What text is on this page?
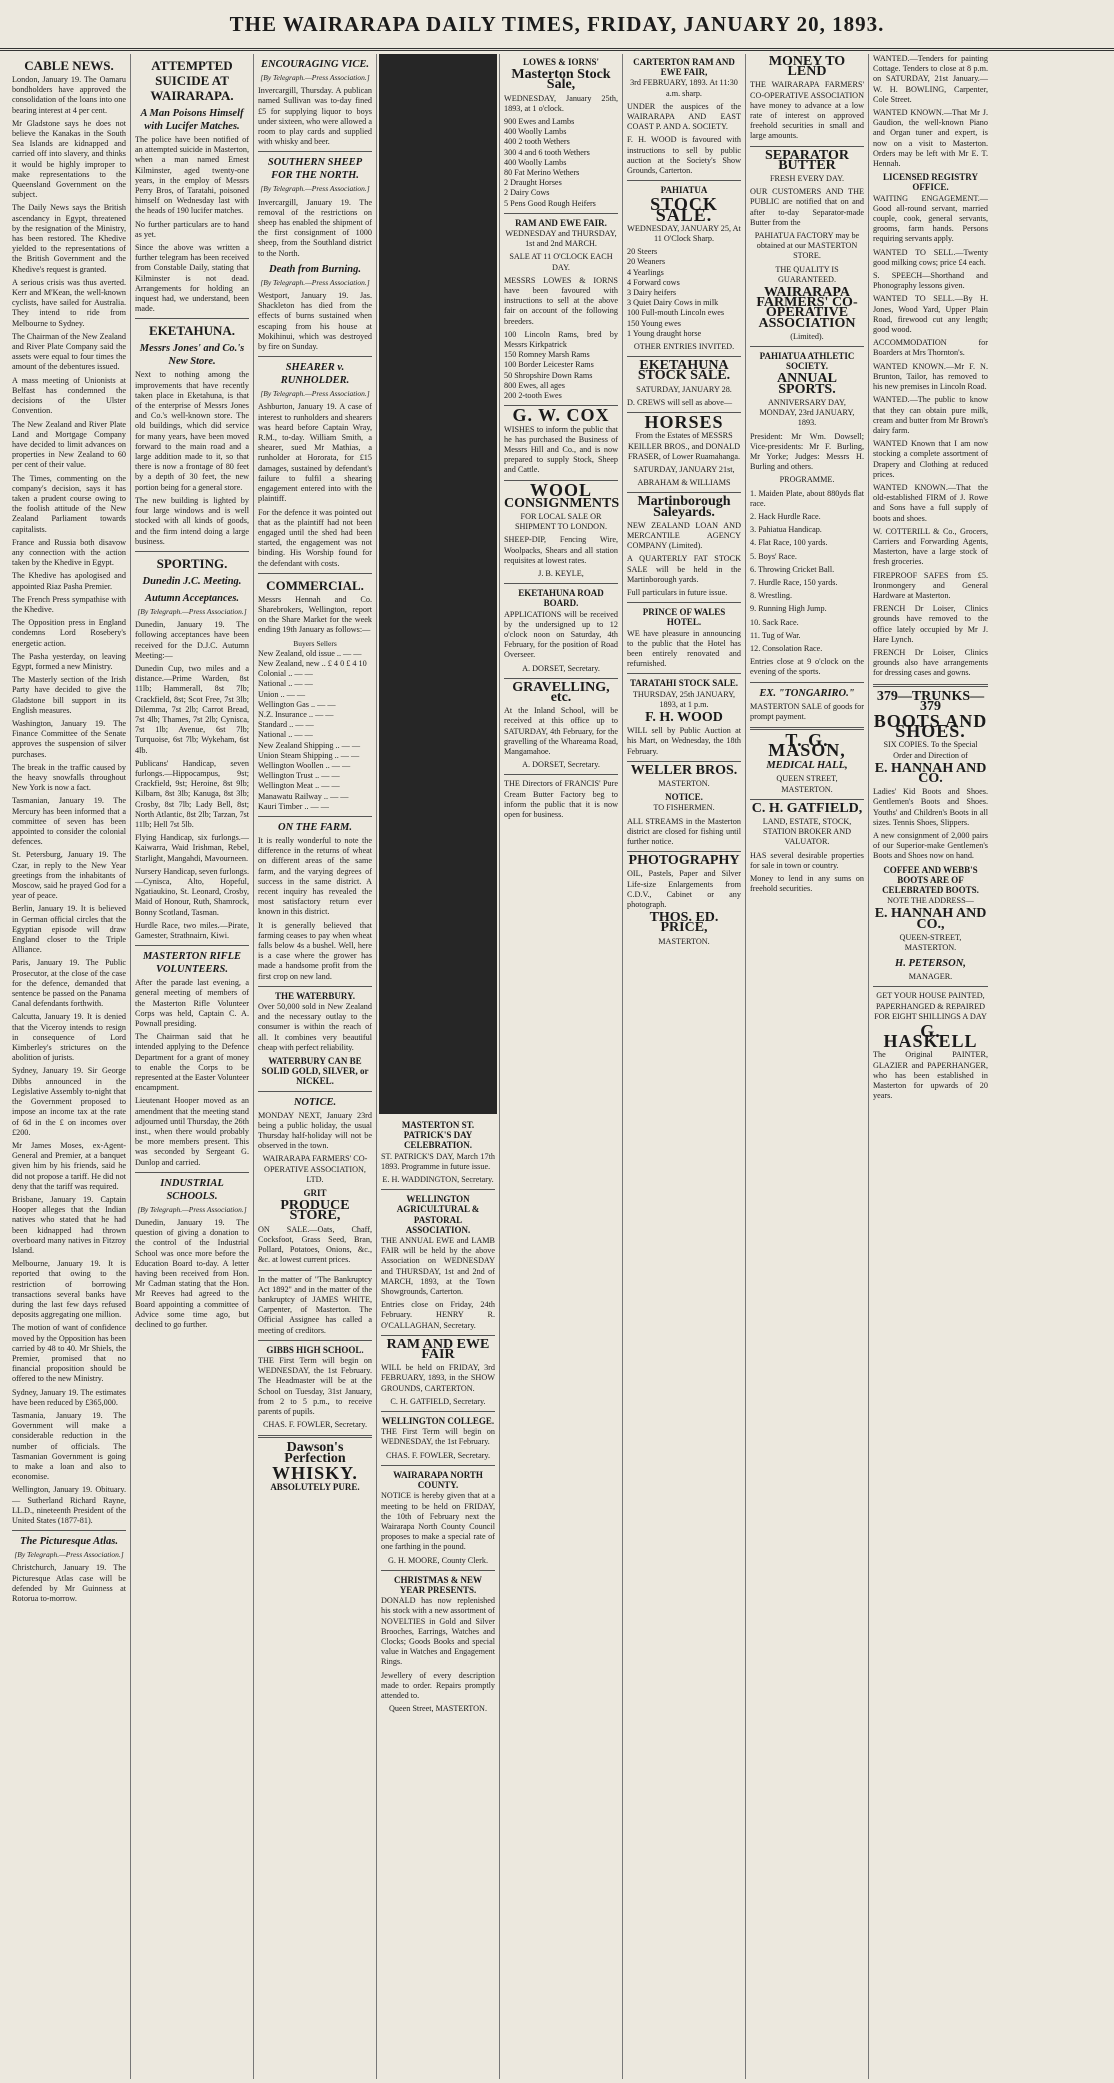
THE WAIRARAPA DAILY TIMES, FRIDAY, JANUARY 20, 1893.
CABLE NEWS.

London, January 19. The Oamaru bondholders have approved the consolidation of the loans into one bearing interest at 4 per cent.

Mr Gladstone says he does not believe the Kanakas in the South Sea Islands are kidnapped and carried off into slavery, and thinks it would be highly improper to make representations to the Queensland Government on the subject.

The Daily News says the British ascendancy in Egypt, threatened by the resignation of the Ministry, has been restored. The Khedive yielded to the representations of the British Government and the Khedive's request is granted.

A serious crisis was thus averted. Kerr and M'Kean, the well-known cyclists, have sailed for Australia. They intend to ride from Melbourne to Sydney.

The Chairman of the New Zealand and River Plate Company said the assets were equal to four times the amount of the debentures issued.

A mass meeting of Unionists at Belfast has condemned the decisions of the Ulster Convention.

The New Zealand and River Plate Land and Mortgage Company have decided to limit advances on properties in New Zealand to 60 per cent of their value.

The Times, commenting on the company's decision, says it has taken a prudent course owing to the foolish attitude of the New Zealand Parliament towards capitalists.

France and Russia both disavow any connection with the action taken by the Khedive in Egypt.

The Khedive has apologised and appointed Riaz Pasha Premier.

The French Press sympathise with the Khedive.

The Opposition press in England condemns Lord Rosebery's energetic action.

The Pasha yesterday, on leaving Egypt, formed a new Ministry.

The Masterly section of the Irish Party have decided to give the Gladstone bill support in its English measures.

Washington, January 19. The Finance Committee of the Senate approves the suspension of silver purchases.

The break in the traffic caused by the heavy snowfalls throughout New York is now a fact.

Tasmanian, January 19. The Mercury has been informed that a committee of seven has been appointed to consider the colonial defences.

St. Petersburg, January 19. The Czar, in reply to the New Year greetings from the inhabitants of Moscow, said he prayed God for a year of peace.

Berlin, January 19. It is believed in German official circles that the Egyptian episode will draw England closer to the Triple Alliance.

Paris, January 19. The Public Prosecutor, at the close of the case for the defence, demanded that sentence be passed on the Panama Canal defendants forthwith.

Calcutta, January 19. It is denied that the Viceroy intends to resign in consequence of Lord Kimberley's strictures on the abolition of jurists.

Sydney, January 19. Sir George Dibbs announced in the Legislative Assembly to-night that the Government proposed to impose an income tax at the rate of 6d in the £ on incomes over £200.

Mr James Moses, ex-Agent-General and Premier, at a banquet given him by his friends, said he did not propose a tariff. He did not deny that the tariff was required.

Brisbane, January 19. Captain Hooper alleges that the Indian natives who stated that he had been kidnapped had thrown overboard many natives in Fitzroy Island.

Melbourne, January 19. It is reported that owing to the restriction of borrowing transactions several banks have during the last few days refused deposits aggregating one million.

The motion of want of confidence moved by the Opposition has been carried by 48 to 40. Mr Shiels, the Premier, promised that no financial proposition should be offered to the new Ministry.

Sydney, January 19. The estimates have been reduced by £365,000.

Tasmania, January 19. The Government will make a considerable reduction in the number of officials. The Tasmanian Government is going to make a loan and also to economise.

Wellington, January 19. Obituary. — Sutherland Richard Rayne, LL.D., nineteenth President of the United States (1877-81).

The Picturesque Atlas.
[By Telegraph.—Press Association.]

Christchurch, January 19. The Picturesque Atlas case will be defended by Mr Guinness at Rotorua to-morrow.

ATTEMPTED SUICIDE AT WAIRARAPA.
A Man Poisons Himself with Lucifer Matches.

The police have been notified of an attempted suicide in Masterton, when a man named Ernest Kilminster, aged twenty-one years, in the employ of Messrs Perry Bros, of Taratahi, poisoned himself on Wednesday last with the heads of 190 lucifer matches.

No further particulars are to hand as yet.

Since the above was written a further telegram has been received from Constable Daily, stating that Kilminster is not dead. Arrangements for holding an inquest had, we understand, been made.

EKETAHUNA.
Messrs Jones' and Co.'s New Store.

Next to nothing among the improvements that have recently taken place in Eketahuna, is that of the enterprise of Messrs Jones and Co.'s well-known store. The old buildings, which did service for many years, have been moved forward to the main road and a large addition made to it, so that there is now a frontage of 80 feet by a depth of 30 feet, the new portion being for a general store.

The new building is lighted by four large windows and is well stocked with all kinds of goods, and the firm intend doing a large business.

SPORTING.
Dunedin J.C. Meeting.
Autumn Acceptances.
[By Telegraph.—Press Association.]

Dunedin, January 19. The following acceptances have been received for the D.J.C. Autumn Meeting:—

Dunedin Cup, two miles and a distance.—Prime Warden, 8st 11lb; Hammerall, 8st 7lb; Crackfield, 8st; Scot Free, 7st 3lb; Dilemma, 7st 2lb; Carrot Bread, 7st 4lb; Thames, 7st 2lb; Cynisca, 7st 1lb; Avenue, 6st 7lb; Turquoise, 6st 7lb; Wykeham, 6st 4lb.

Publicans' Handicap, seven furlongs.—Hippocampus, 9st; Crackfield, 9st; Heroine, 8st 9lb; Kilbarn, 8st 3lb; Kanuga, 8st 3lb; Crosby, 8st 7lb; Lady Bell, 8st; North Atlantic, 8st 2lb; Tarzan, 7st 11lb; Hell 7st 5lb.

Flying Handicap, six furlongs.—Kaiwarra, Waid Irishman, Rebel, Starlight, Mangahdi, Mavourneen.

Nursery Handicap, seven furlongs.—Cynisca, Alto, Hopeful, Ngatiaukino, St. Leonard, Crosby, Maid of Honour, Ruth, Shamrock, Bonny Scotland, Tasman.

Hurdle Race, two miles.—Pirate, Gamester, Strathnairn, Kiwi.

MASTERTON RIFLE VOLUNTEERS.

After the parade last evening, a general meeting of members of the Masterton Rifle Volunteer Corps was held, Captain C. A. Pownall presiding.

The Chairman said that he intended applying to the Defence Department for a grant of money to enable the Corps to be represented at the Easter Volunteer encampment.

Lieutenant Hooper moved as an amendment that the meeting stand adjourned until Thursday, the 26th inst., when there would probably be more members present. This was seconded by Sergeant G. Dunlop and carried.

INDUSTRIAL SCHOOLS.
[By Telegraph.—Press Association.]

Dunedin, January 19. The question of giving a donation to the control of the Industrial School was once more before the Education Board to-day. A letter having been received from Hon. Mr Cadman stating that the Hon. Mr Reeves had agreed to the Board appointing a committee of Advice some time ago, but declined to go further.

ENCOURAGING VICE.
[By Telegraph.—Press Association.]

Invercargill, Thursday. A publican named Sullivan was to-day fined £5 for supplying liquor to boys under sixteen, who were allowed a room to play cards and supplied with whisky and beer.

SOUTHERN SHEEP FOR THE NORTH.
[By Telegraph.—Press Association.]

Invercargill, January 19. The removal of the restrictions on sheep has enabled the shipment of the first consignment of 1000 sheep, from the Southland district to the North.

Death from Burning.
[By Telegraph.—Press Association.]

Westport, January 19. Jas. Shackleton has died from the effects of burns sustained when escaping from his house at Mokihinui, which was destroyed by fire on Sunday.

SHEARER v. RUNHOLDER.
[By Telegraph.—Press Association.]

Ashburton, January 19. A case of interest to runholders and shearers was heard before Captain Wray, R.M., to-day. William Smith, a shearer, sued Mr Mathias, a runholder at Hororata, for £15 damages, sustained by defendant's failure to fulfil a shearing engagement entered into with the plaintiff.

For the defence it was pointed out that as the plaintiff had not been engaged until the shed had been started, the engagement was not binding. His Worship found for the defendant with costs.

COMMERCIAL.

Messrs Hennah and Co. Sharebrokers, Wellington, report on the Share Market for the week ending 19th January as follows:—

Buyers Sellers
New Zealand, old issue .. — —
New Zealand, new .. £ 4 0 £ 4 10
Colonial .. — —
National .. — —
Union .. — —
Wellington Gas .. — —
N.Z. Insurance .. — —
Standard .. — —
National .. — —
New Zealand Shipping .. — —
Union Steam Shipping .. — —
Wellington Woollen .. — —
Wellington Trust .. — —
Wellington Meat .. — —
Manawatu Railway .. — —
Kauri Timber .. — —
ON THE FARM.

It is really wonderful to note the difference in the returns of wheat on different areas of the same farm, and the varying degrees of success in the same district. A recent inquiry has revealed the most satisfactory return ever known in this district.

It is generally believed that farming ceases to pay when wheat falls below 4s a bushel. Well, here is a case where the grower has made a handsome profit from the first crop on new land.

THE WATERBURY.

Over 50,000 sold in New Zealand and the necessary outlay to the consumer is within the reach of all. It combines very beautiful cheap with perfect reliability.

WATERBURY CAN BE SOLID GOLD, SILVER, or NICKEL.
NOTICE.

MONDAY NEXT, January 23rd being a public holiday, the usual Thursday half-holiday will not be observed in the town.

WAIRARAPA FARMERS' CO-OPERATIVE ASSOCIATION, LTD.

GRIT
PRODUCE STORE,

ON SALE.—Oats, Chaff, Cocksfoot, Grass Seed, Bran, Pollard, Potatoes, Onions, &c., &c. at lowest current prices.

In the matter of "The Bankruptcy Act 1892" and in the matter of the bankruptcy of JAMES WHITE, Carpenter, of Masterton. The Official Assignee has called a meeting of creditors.

GIBBS HIGH SCHOOL.

THE First Term will begin on WEDNESDAY, the 1st February. The Headmaster will be at the School on Tuesday, 31st January, from 2 to 5 p.m., to receive parents of pupils.

CHAS. F. FOWLER, Secretary.

Dawson's Perfection
WHISKY.
ABSOLUTELY PURE.
MASTERTON ST. PATRICK'S DAY CELEBRATION.

ST. PATRICK'S DAY, March 17th 1893. Programme in future issue.

E. H. WADDINGTON, Secretary.

WELLINGTON AGRICULTURAL & PASTORAL ASSOCIATION.

THE ANNUAL EWE and LAMB FAIR will be held by the above Association on WEDNESDAY and THURSDAY, 1st and 2nd of MARCH, 1893, at the Town Showgrounds, Carterton.

Entries close on Friday, 24th February. HENRY R. O'CALLAGHAN, Secretary.

RAM AND EWE FAIR

WILL be held on FRIDAY, 3rd FEBRUARY, 1893, in the SHOW GROUNDS, CARTERTON.

C. H. GATFIELD, Secretary.

WELLINGTON COLLEGE.

THE First Term will begin on WEDNESDAY, the 1st February.

CHAS. F. FOWLER, Secretary.

WAIRARAPA NORTH COUNTY.

NOTICE is hereby given that at a meeting to be held on FRIDAY, the 10th of February next the Wairarapa North County Council proposes to make a special rate of one farthing in the pound.

G. H. MOORE, County Clerk.

CHRISTMAS & NEW YEAR PRESENTS.

DONALD has now replenished his stock with a new assortment of NOVELTIES in Gold and Silver Brooches, Earrings, Watches and Clocks; Goods Books and special value in Watches and Engagement Rings.

Jewellery of every description made to order. Repairs promptly attended to.

Queen Street, MASTERTON.

LOWES & IORNS'
Masterton Stock Sale,

WEDNESDAY, January 25th, 1893, at 1 o'clock.

900 Ewes and Lambs
400 Woolly Lambs
400 2 tooth Wethers
300 4 and 6 tooth Wethers
400 Woolly Lambs
80 Fat Merino Wethers
2 Draught Horses
2 Dairy Cows
5 Pens Good Rough Heifers
RAM AND EWE FAIR.

WEDNESDAY and THURSDAY, 1st and 2nd MARCH.

SALE AT 11 O'CLOCK EACH DAY.

MESSRS LOWES & IORNS have been favoured with instructions to sell at the above fair on account of the following breeders.

100 Lincoln Rams, bred by Messrs Kirkpatrick
150 Romney Marsh Rams
100 Border Leicester Rams
50 Shropshire Down Rams
800 Ewes, all ages
200 2-tooth Ewes
G. W. COX

WISHES to inform the public that he has purchased the Business of Messrs Hill and Co., and is now prepared to supply Stock, Sheep and Cattle.

WOOL
CONSIGNMENTS

FOR LOCAL SALE OR SHIPMENT TO LONDON.

SHEEP-DIP, Fencing Wire, Woolpacks, Shears and all station requisites at lowest rates.

J. B. KEYLE,

EKETAHUNA ROAD BOARD.

APPLICATIONS will be received by the undersigned up to 12 o'clock noon on Saturday, 4th February, for the position of Road Overseer.

A. DORSET, Secretary.

GRAVELLING, etc.

At the Inland School, will be received at this office up to SATURDAY, 4th February, for the gravelling of the Whareama Road, Mangamahoe.

A. DORSET, Secretary.

THE Directors of FRANCIS' Pure Cream Butter Factory beg to inform the public that it is now open for business.

CARTERTON RAM AND EWE FAIR,

3rd FEBRUARY, 1893. At 11:30 a.m. sharp.

UNDER the auspices of the WAIRARAPA AND EAST COAST P. AND A. SOCIETY.

F. H. WOOD is favoured with instructions to sell by public auction at the Society's Show Grounds, Carterton.

PAHIATUA
STOCK SALE.

WEDNESDAY, JANUARY 25, At 11 O'Clock Sharp.

20 Steers
20 Weaners
4 Yearlings
4 Forward cows
3 Dairy heifers
3 Quiet Dairy Cows in milk
100 Full-mouth Lincoln ewes
150 Young ewes
1 Young draught horse

OTHER ENTRIES INVITED.

EKETAHUNA STOCK SALE.

SATURDAY, JANUARY 28.

D. CREWS will sell as above—

HORSES

From the Estates of MESSRS KEILLER BROS., and DONALD FRASER, of Lower Ruamahanga.

SATURDAY, JANUARY 21st,

ABRAHAM & WILLIAMS

Martinborough Saleyards.

NEW ZEALAND LOAN AND MERCANTILE AGENCY COMPANY (Limited).

A QUARTERLY FAT STOCK SALE will be held in the Martinborough yards.

Full particulars in future issue.

PRINCE OF WALES HOTEL.

WE have pleasure in announcing to the public that the Hotel has been entirely renovated and refurnished.

TARATAHI STOCK SALE.

THURSDAY, 25th JANUARY, 1893, at 1 p.m.

F. H. WOOD

WILL sell by Public Auction at his Mart, on Wednesday, the 18th February.

WELLER BROS.

MASTERTON.

NOTICE.

TO FISHERMEN.

ALL STREAMS in the Masterton district are closed for fishing until further notice.

PHOTOGRAPHY

OIL, Pastels, Paper and Silver Life-size Enlargements from C.D.V., Cabinet or any photograph.

THOS. ED. PRICE,

MASTERTON.

MONEY TO LEND

THE WAIRARAPA FARMERS' CO-OPERATIVE ASSOCIATION have money to advance at a low rate of interest on approved freehold securities in small and large amounts.

SEPARATOR BUTTER

FRESH EVERY DAY.

OUR CUSTOMERS AND THE PUBLIC are notified that on and after to-day Separator-made Butter from the

PAHIATUA FACTORY may be obtained at our MASTERTON STORE.

THE QUALITY IS GUARANTEED.

WAIRARAPA FARMERS' CO-OPERATIVE ASSOCIATION

(Limited).

PAHIATUA ATHLETIC SOCIETY.
ANNUAL SPORTS.

ANNIVERSARY DAY, MONDAY, 23rd JANUARY, 1893.

President: Mr Wm. Dowsell; Vice-presidents: Mr F. Burling, Mr Yorke; Judges: Messrs H. Burling and others.

PROGRAMME.

1. Maiden Plate, about 880yds flat race.

2. Hack Hurdle Race.

3. Pahiatua Handicap.

4. Flat Race, 100 yards.

5. Boys' Race.

6. Throwing Cricket Ball.

7. Hurdle Race, 150 yards.

8. Wrestling.

9. Running High Jump.

10. Sack Race.

11. Tug of War.

12. Consolation Race.

Entries close at 9 o'clock on the evening of the sports.

EX. "TONGARIRO."

MASTERTON SALE of goods for prompt payment.

T. G. MASON,
MEDICAL HALL,

QUEEN STREET, MASTERTON.

C. H. GATFIELD,

LAND, ESTATE, STOCK, STATION BROKER AND VALUATOR.

HAS several desirable properties for sale in town or country.

Money to lend in any sums on freehold securities.

WANTED.—Tenders for painting Cottage. Tenders to close at 8 p.m. on SATURDAY, 21st January.—W. H. BOWLING, Carpenter, Cole Street.

WANTED KNOWN.—That Mr J. Gaudion, the well-known Piano and Organ tuner and expert, is now on a visit to Masterton. Orders may be left with Mr E. T. Hennah.

LICENSED REGISTRY OFFICE.

WAITING ENGAGEMENT.—Good all-round servant, married couple, cook, general servants, grooms, farm hands. Persons requiring servants apply.

WANTED TO SELL.—Twenty good milking cows; price £4 each.

S. SPEECH—Shorthand and Phonography lessons given.

WANTED TO SELL.—By H. Jones, Wood Yard, Upper Plain Road, firewood cut any length; good wood.

ACCOMMODATION for Boarders at Mrs Thornton's.

WANTED KNOWN.—Mr F. N. Brunton, Tailor, has removed to his new premises in Lincoln Road.

WANTED.—The public to know that they can obtain pure milk, cream and butter from Mr Brown's dairy farm.

WANTED Known that I am now stocking a complete assortment of Drapery and Clothing at reduced prices.

WANTED KNOWN.—That the old-established FIRM of J. Rowe and Sons have a full supply of boots and shoes.

W. COTTERILL & Co., Grocers, Carriers and Forwarding Agents, Masterton, have a large stock of fresh groceries.

FIREPROOF SAFES from £5. Ironmongery and General Hardware at Masterton.

FRENCH Dr Loiser, Clinics grounds have removed to the office lately occupied by Mr J. Hare Lynch.

FRENCH Dr Loiser, Clinics grounds also have arrangements for dressing cases and gowns.

379—TRUNKS—379
BOOTS AND SHOES.

SIX COPIES. To the Special Order and Direction of

E. HANNAH AND CO.

Ladies' Kid Boots and Shoes. Gentlemen's Boots and Shoes. Youths' and Children's Boots in all sizes. Tennis Shoes, Slippers.

A new consignment of 2,000 pairs of our Superior-make Gentlemen's Boots and Shoes now on hand.

COFFEE AND WEBB'S BOOTS ARE OF CELEBRATED BOOTS.

NOTE THE ADDRESS—

E. HANNAH AND CO.,

QUEEN-STREET, MASTERTON.

H. PETERSON,

MANAGER.

GET YOUR HOUSE PAINTED, PAPERHANGED & REPAIRED FOR EIGHT SHILLINGS A DAY

G. HASKELL

The Original PAINTER, GLAZIER and PAPERHANGER, who has been established in Masterton for upwards of 20 years.
